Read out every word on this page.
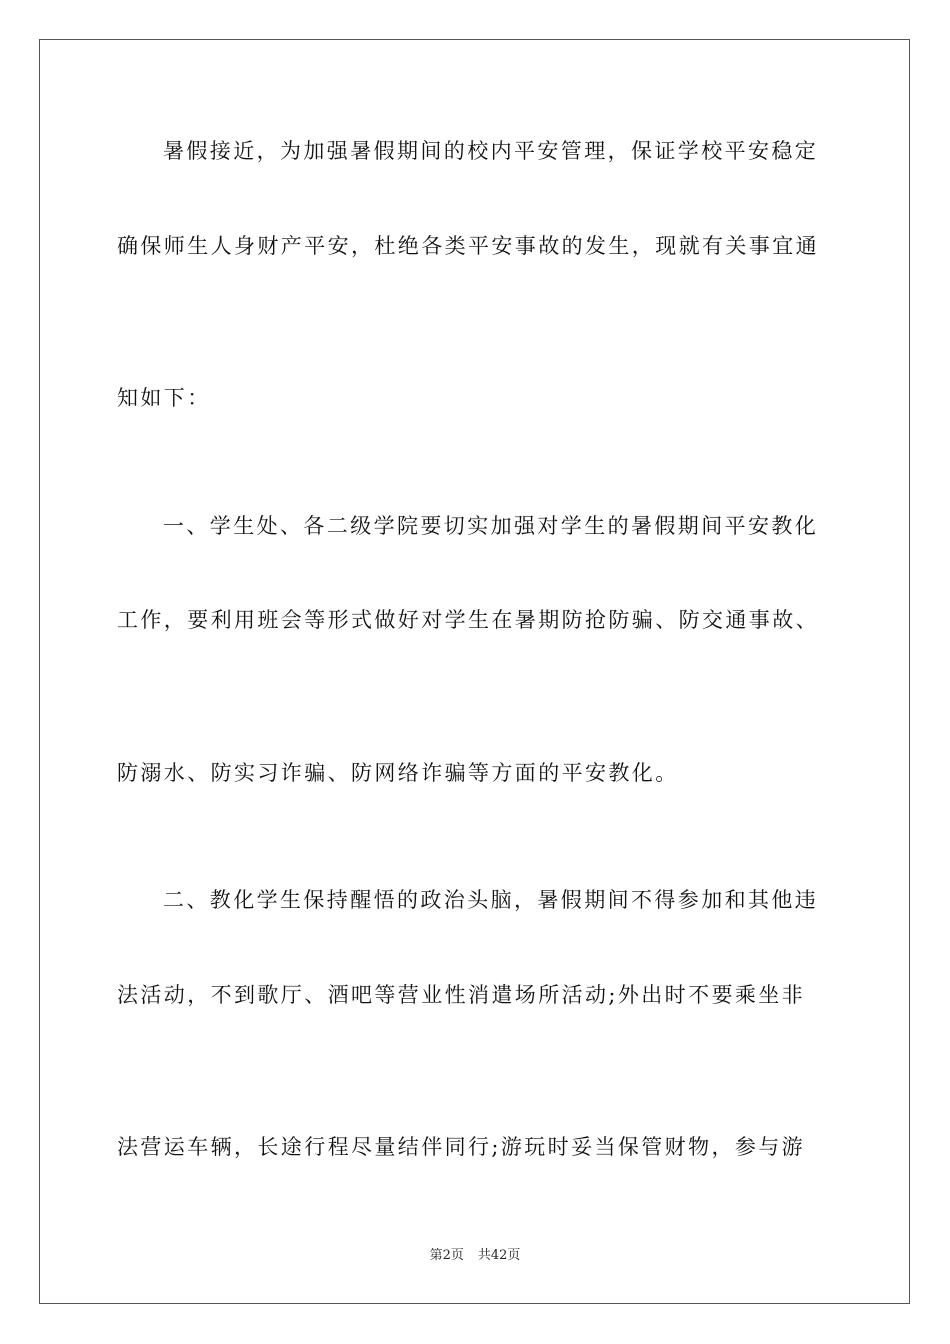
暑假接近，为加强暑假期间的校内平安管理，保证学校平安稳定
确保师生人身财产平安，杜绝各类平安事故的发生，现就有关事宜通
知如下：
一、学生处、各二级学院要切实加强对学生的暑假期间平安教化
工作，要利用班会等形式做好对学生在暑期防抢防骗、防交通事故、
防溺水、防实习诈骗、防网络诈骗等方面的平安教化。
二、教化学生保持醒悟的政治头脑，暑假期间不得参加和其他违
法活动，不到歌厅、酒吧等营业性消遣场所活动;外出时不要乘坐非
法营运车辆，长途行程尽量结伴同行;游玩时妥当保管财物，参与游
第2页 共42页
